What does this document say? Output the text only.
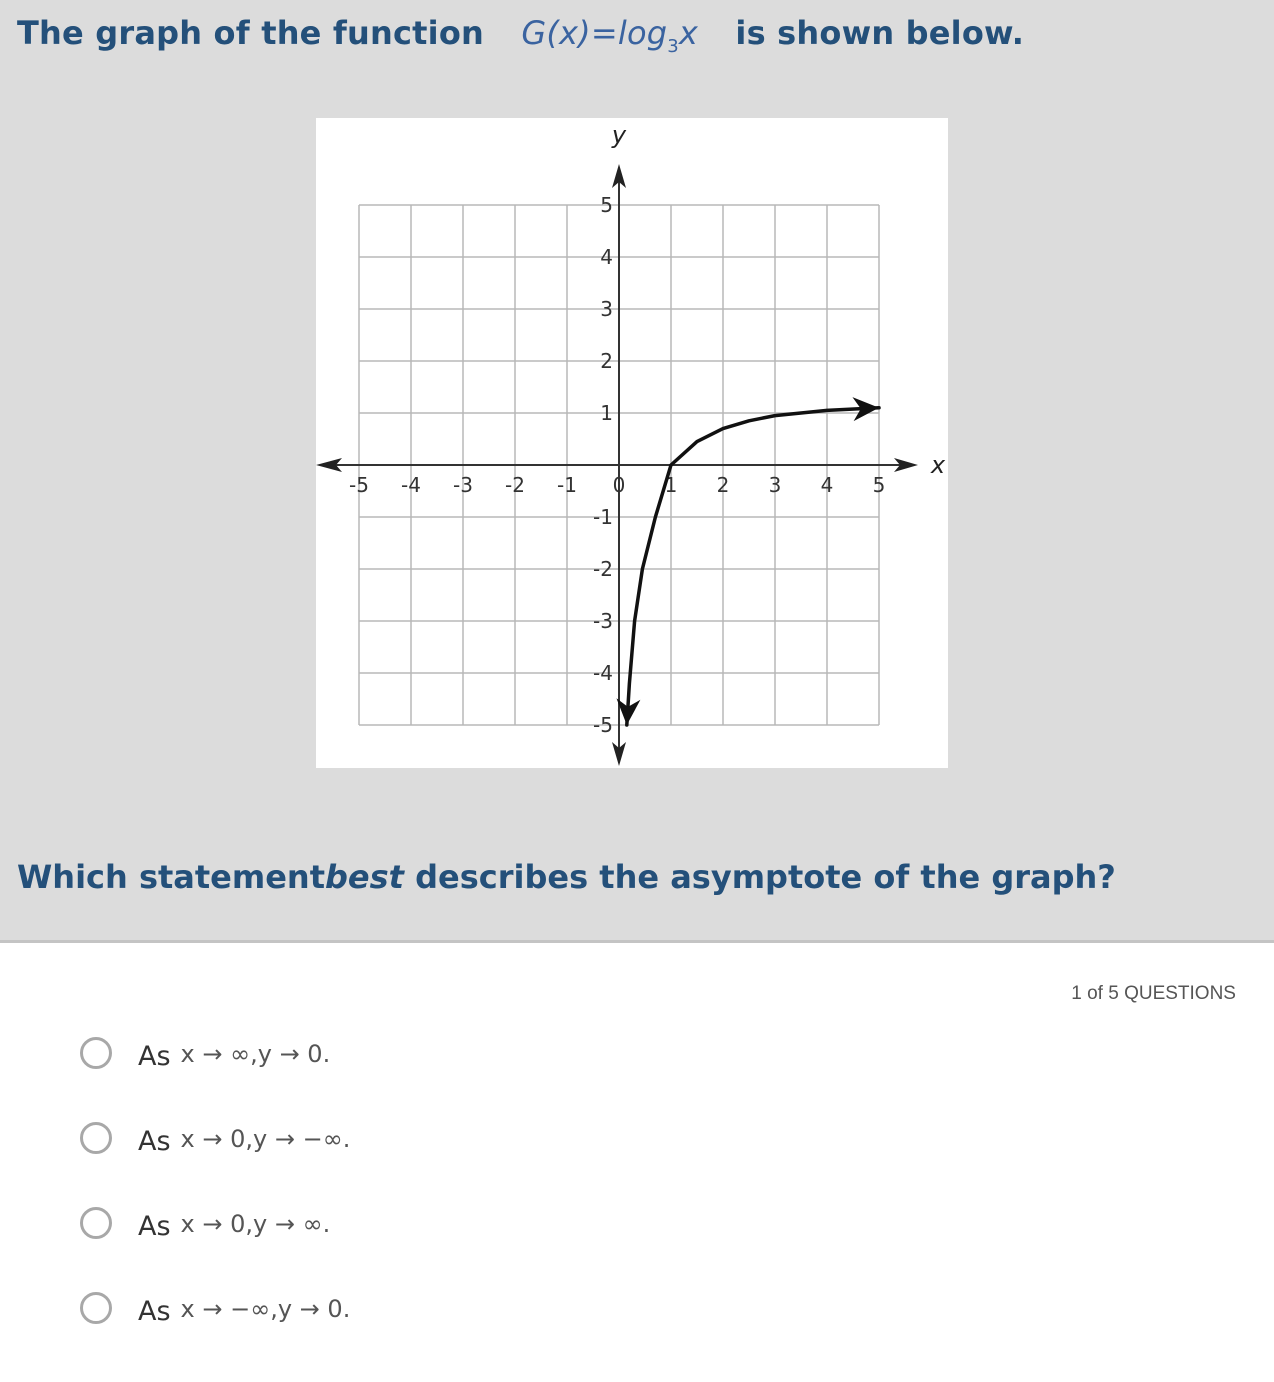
The graph of the function $G(x)=\log_3x$ is shown below.
x
y
-5 -4 -3 -2 -1 0 1 2 3 4 5
5
4
3
2
1
-1
-2
-3
-4
-5
Which statementbest describes the asymptote of the graph?
1 of 5 QUESTIONS
As x → ∞,y → 0.
As x → 0,y → −∞.
As x → 0,y → ∞.
As x → −∞,y → 0.
